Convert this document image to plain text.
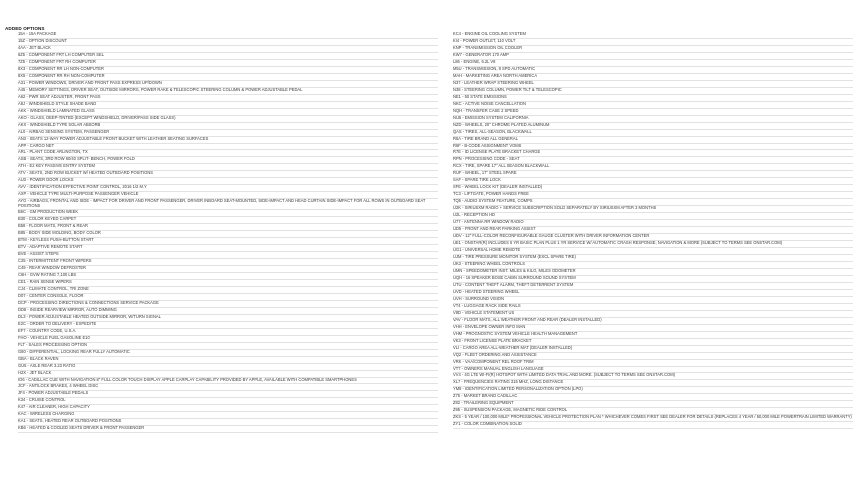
ADDED OPTIONS
15A - 15A PACKAGE
15Z - OPTION DISCOUNT
4AA - JET BLACK
6Z5 - COMPONENT FRT LH COMPUTER SEL
7Z5 - COMPONENT FRT RH COMPUTER
8X3 - COMPONENT RR LH NON-COMPUTER
8X5 - COMPONENT RR RH NON-COMPUTER
A31 - POWER WINDOWS, DRIVER AND FRONT PASS EXPRESS UP/DOWN
A45 - MEMORY SETTINGS, DRIVER SEAT, OUTSIDE MIRRORS, POWER RAKE & TELESCOPIC STEERING COLUMN & POWER ADJUSTABLE PEDAL
A62 - PWR SEAT ADJUSTER, FRONT PASS
A8J - WINDSHIELD STYLE SHADE BAND
AKK - WINDSHIELD LAMINATED GLASS
AKO - GLASS, DEEP-TINTED (EXCEPT WINDSHIELD, DRIVER/PASS SIDE GLASS)
AKX - WINDSHIELD TYPE SOLAR ABSORB
AL0 - AIRBAG SENSING SYSTEM, PASSENGER
AN3 - SEATS 12-WAY POWER ADJUSTABLE FRONT BUCKET WITH LEATHER SEATING SURFACES
APP - CARGO NET
ARL - PLANT CODE ARLINGTON, TX
ASB - SEATS, 3RD ROW 60/40 SPLIT- BENCH, POWER FOLD
ATH - E2 KEY PASSIVE ENTRY SYSTEM
ATV - SEATS, 2ND ROW BUCKET W/ HEATED OUTBOARD POSITIONS
AU3 - POWER DOOR LOCKS
AVV - IDENTIFICATION EFFECTIVE POINT CONTROL, 2016 1/2 M.Y
AXP - VEHICLE TYPE MULTI-PURPOSE PASSENGER VEHICLE
AYG - AIRBAGS, FRONTAL AND SIDE - IMPACT FOR DRIVER AND FRONT PASSENGER, DRIVER INBOARD SEAT-MOUNTED, SIDE-IMPACT AND HEAD CURTAIN SIDE-IMPACT FOR ALL ROWS IN OUTBOARD SEAT POSITIONS
B6C - GM PRODUCTION WEEK
B30 - COLOR KEYED CARPET
B58 - FLOOR MATS, FRONT & REAR
B85 - BODY SIDE MOLDING, BODY COLOR
BTM - KEYLESS PUSH-BUTTON START
BTV - ADAPTIVE REMOTE START
BVE - ASSIST STEPS
C25 - INTERMITTENT FRONT WIPERS
C49 - REAR WINDOW DEFROSTER
C6H - GVW RATING 7,100 LBS
CE1 - RAIN SENSE WIPERS
CJ4 - CLIMATE CONTROL, TRI ZONE
D07 - CENTER CONSOLE, FLOOR
DCP - PROCESSING DIRECTIONS & CONNECTIONS SERVICE PACKAGE
DD8 - INSIDE REARVIEW MIRROR, AUTO DIMMING
DL3 - POWER ADJUSTABLE HEATED OUTSIDE MIRROR, W/TURN SIGNAL
E2C - ORDER TO DELIVERY - EXPEDITE
EF7 - COUNTRY CODE, U.S.A.
FHO - VEHICLE FUEL GASOLINE E10
FLT - SALES PROCESSING OPTION
G80 - DIFFERENTIAL, LOCKING REAR FULLY AUTOMATIC
GBA - BLACK RAVEN
GU5 - AXLE REAR 3.23 RATIO
H2X - JET BLACK
IO6 - CADILLAC CUE WITH NAVIGATION 8" FULL COLOR TOUCH DISPLAY APPLE CARPLAY CAPABILITY PROVIDED BY APPLE, AVAILABLE WITH COMPATIBLE SMARTPHONES
JCF - ANTILOCK BRAKES, 4 WHEEL DISC
JF4 - POWER ADJUSTABLE PEDALS
K34 - CRUISE CONTROL
K47 - AIR CLEANER, HIGH CAPACITY
KAC - WIRELESS CHARGING
KA1 - SEATS, HEATED REAR OUTBOARD POSITIONS
KB6 - HEATED & COOLED SEATS DRIVER & FRONT PASSENGER
KC4 - ENGINE OIL COOLING SYSTEM
KI4 - POWER OUTLET, 110 VOLT
KNP - TRANSMISSION OIL COOLER
KW7 - GENERATOR 170 AMP
L86 - ENGINE, 6.2L V8
M5U - TRANSMISSION, 8 SPD AUTOMATIC
MAH - MARKETING AREA NORTH AMERICA
N37 - LEATHER WRAP STEERING WHEEL
N38 - STEERING COLUMN, POWER TILT & TELESCOPIC
NE1 - 50 STATE EMISSIONS
NKC - ACTIVE NOISE CANCELLATION
NQH - TRANSFER CASE 2 SPEED
NU5 - EMISSION SYSTEM CALIFORNIA
NZD - WHEELS, 20" CHROME PLATED ALUMINUM
QAS - TIRES, ALL-SEASON, BLACKWALL
R5A - TIRE BRAND ALL GENERAL
R6F - B-CODE ASSIGNMENT VOMS
R7E - ID LICENSE PLATE BRACKET CHARGE
RPN - PROCESSING CODE - SEAT
RCX - TIRE, SPARE 17" ALL SEASON BLACKWALL
RUF - WHEEL, 17" STEEL SPARE
SAF - SPARE TIRE LOCK
SFE - WHEEL LOCK KIT (DEALER INSTALLED)
TC3 - LIFTGATE, POWER HANDS FREE
TQ5 - AUDIO SYSTEM FEATURE, COMPS
U2K - SIRIUSXM RADIO + SERVICE SUBSCRIPTION SOLD SEPARATELY BY SIRIUSXM AFTER 3 MONTHS
U2L - RECEPTION HD
U77 - ANTENNA RR WINDOW RADIO
UD5 - FRONT AND REAR PARKING ASSIST
UDV - 12" FULL-COLOR RECONFIGURABLE GAUGE CLUSTER WITH DRIVER INFORMATION CENTER
UE1 - ONSTAR(R) INCLUDES 5 YR BASIC PLAN PLUS 1 YR SERVICE W/ AUTOMATIC CRASH RESPONSE, NAVIGATION & MORE (SUBJECT TO TERMS SEE ONSTAR.COM)
UG1 - UNIVERSAL HOME REMOTE
UJM - TIRE PRESSURE MONITOR SYSTEM (EXCL SPARE TIRE)
UK3 - STEERING WHEEL CONTROLS
UMN - SPEEDOMETER INST. MILES & KILO, MILES ODOMETER
UQH - 16 SPEAKER BOSE CABIN SURROUND SOUND SYSTEM
UTU - CONTENT THEFT ALARM, THEFT DETERRENT SYSTEM
UVD - HEATED STEERING WHEEL
UVH - SURROUND VISION
VT4 - LUGGAGE RACK SIDE RAILS
V8D - VEHICLE STATEMENT US
VAV - FLOOR MATS, ALL WEATHER FRONT AND REAR (DEALER INSTALLED)
VHH - ENVELOPE OWNER INFO MAN
VHM - PROGNOSTIC SYSTEM VEHICLE HEALTH MANAGEMENT
VK3 - FRONT LICENSE PLATE BRACKET
VLI - CARGO AREA ALL-WEATHER MAT (DEALER INSTALLED)
VQ2 - FLEET ORDERING AND ASSISTANCE
VRK - VAA/COMPONENT REL ROOF TRIM
VT7 - OWNERS MANUAL ENGLISH LANGUAGE
VV4 - 4G LTE WI-FI(R) HOTSPOT WITH LIMITED DATA TRIAL AND MORE. (SUBJECT TO TERMS SEE ONSTAR.COM)
XL7 - FREQUENCIES RATING 315 MHZ, LONG DISTANCE
YM8 - IDENTIFICATION LIMITED PERSONALIZATION OPTION (LPO)
Z75 - MARKET BRAND CADILLAC
Z82 - TRAILERING EQUIPMENT
Z95 - SUSPENSION PACKAGE, MAGNETIC RIDE CONTROL
ZKS - 5 YEAR / 100,000 MILE* PROFESSIONAL VEHICLE PROTECTION PLAN * WHICHEVER COMES FIRST SEE DEALER FOR DETAILS (REPLACES 4 YEAR / 50,000 MILE POWERTRAIN LIMITED WARRANTY)
ZY1 - COLOR COMBINATION SOLID
